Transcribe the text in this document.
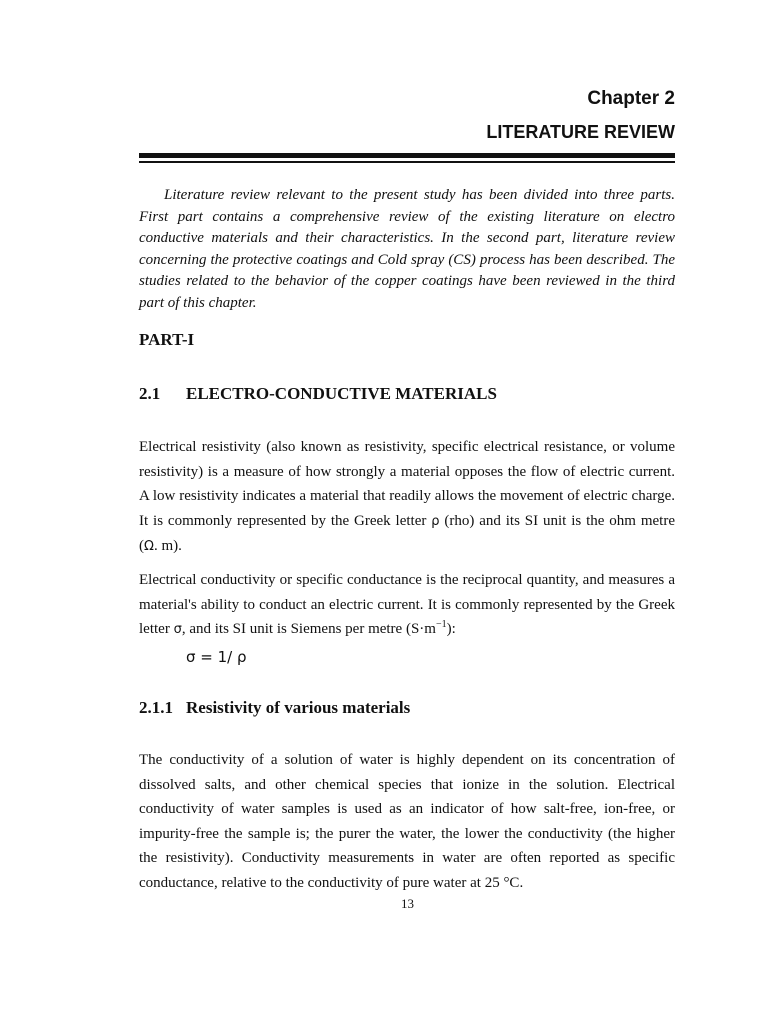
Chapter 2
LITERATURE REVIEW

Literature review relevant to the present study has been divided into three parts. First part contains a comprehensive review of the existing literature on electro conductive materials and their characteristics. In the second part, literature review concerning the protective coatings and Cold spray (CS) process has been described. The studies related to the behavior of the copper coatings have been reviewed in the third part of this chapter.

PART-I
2.1 ELECTRO-CONDUCTIVE MATERIALS

Electrical resistivity (also known as resistivity, specific electrical resistance, or volume resistivity) is a measure of how strongly a material opposes the flow of electric current. A low resistivity indicates a material that readily allows the movement of electric charge. It is commonly represented by the Greek letter ρ (rho) and its SI unit is the ohm metre (Ω. m).

Electrical conductivity or specific conductance is the reciprocal quantity, and measures a material's ability to conduct an electric current. It is commonly represented by the Greek letter σ, and its SI unit is Siemens per metre $(S\cdot m^{-1})$:

σ = 1/ ρ

2.1.1 Resistivity of various materials

The conductivity of a solution of water is highly dependent on its concentration of dissolved salts, and other chemical species that ionize in the solution. Electrical conductivity of water samples is used as an indicator of how salt-free, ion-free, or impurity-free the sample is; the purer the water, the lower the conductivity (the higher the resistivity). Conductivity measurements in water are often reported as specific conductance, relative to the conductivity of pure water at 25 °C.

13
